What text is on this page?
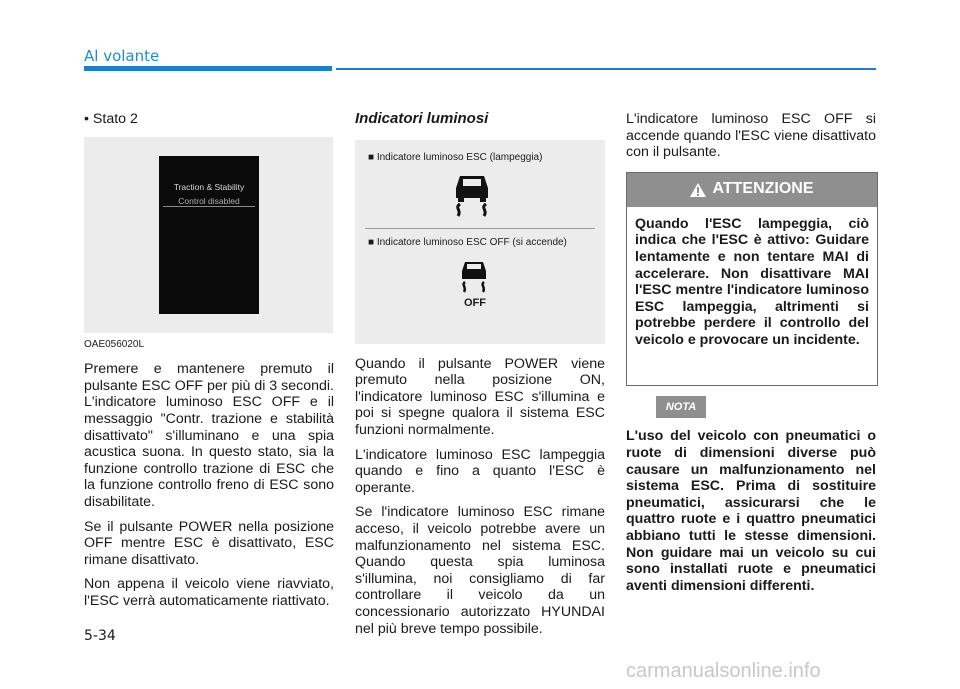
Al volante

• Stato 2

Traction & Stability
Control disabled

OAE056020L

Premere e mantenere premuto il pulsante ESC OFF per più di 3 secondi. L'indicatore luminoso ESC OFF e il messaggio "Contr. trazione e stabilità disattivato" s'illuminano e una spia acustica suona. In questo stato, sia la funzione controllo trazione di ESC che la funzione controllo freno di ESC sono disabilitate.

Se il pulsante POWER nella posizione OFF mentre ESC è disattivato, ESC rimane disattivato.

Non appena il veicolo viene riavviato, l'ESC verrà automaticamente riattivato.

Indicatori luminosi

■ Indicatore luminoso ESC (lampeggia)
■ Indicatore luminoso ESC OFF (si accende)
OFF

Quando il pulsante POWER viene premuto nella posizione ON, l'indicatore luminoso ESC s'illumina e poi si spegne qualora il sistema ESC funzioni normalmente.

L'indicatore luminoso ESC lampeggia quando e fino a quanto l'ESC è operante.

Se l'indicatore luminoso ESC rimane acceso, il veicolo potrebbe avere un malfunzionamento nel sistema ESC. Quando questa spia luminosa s'illumina, noi consigliamo di far controllare il veicolo da un concessionario autorizzato HYUNDAI nel più breve tempo possibile.

L'indicatore luminoso ESC OFF si accende quando l'ESC viene disattivato con il pulsante.

ATTENZIONE
Quando l'ESC lampeggia, ciò indica che l'ESC è attivo: Guidare lentamente e non tentare MAI di accelerare. Non disattivare MAI l'ESC mentre l'indicatore luminoso ESC lampeggia, altrimenti si potrebbe perdere il controllo del veicolo e provocare un incidente.
NOTA
L'uso del veicolo con pneumatici o ruote di dimensioni diverse può causare un malfunzionamento nel sistema ESC. Prima di sostituire pneumatici, assicurarsi che le quattro ruote e i quattro pneumatici abbiano tutti le stesse dimensioni. Non guidare mai un veicolo su cui sono installati ruote e pneumatici aventi dimensioni differenti.
5-34
carmanualsonline.info
